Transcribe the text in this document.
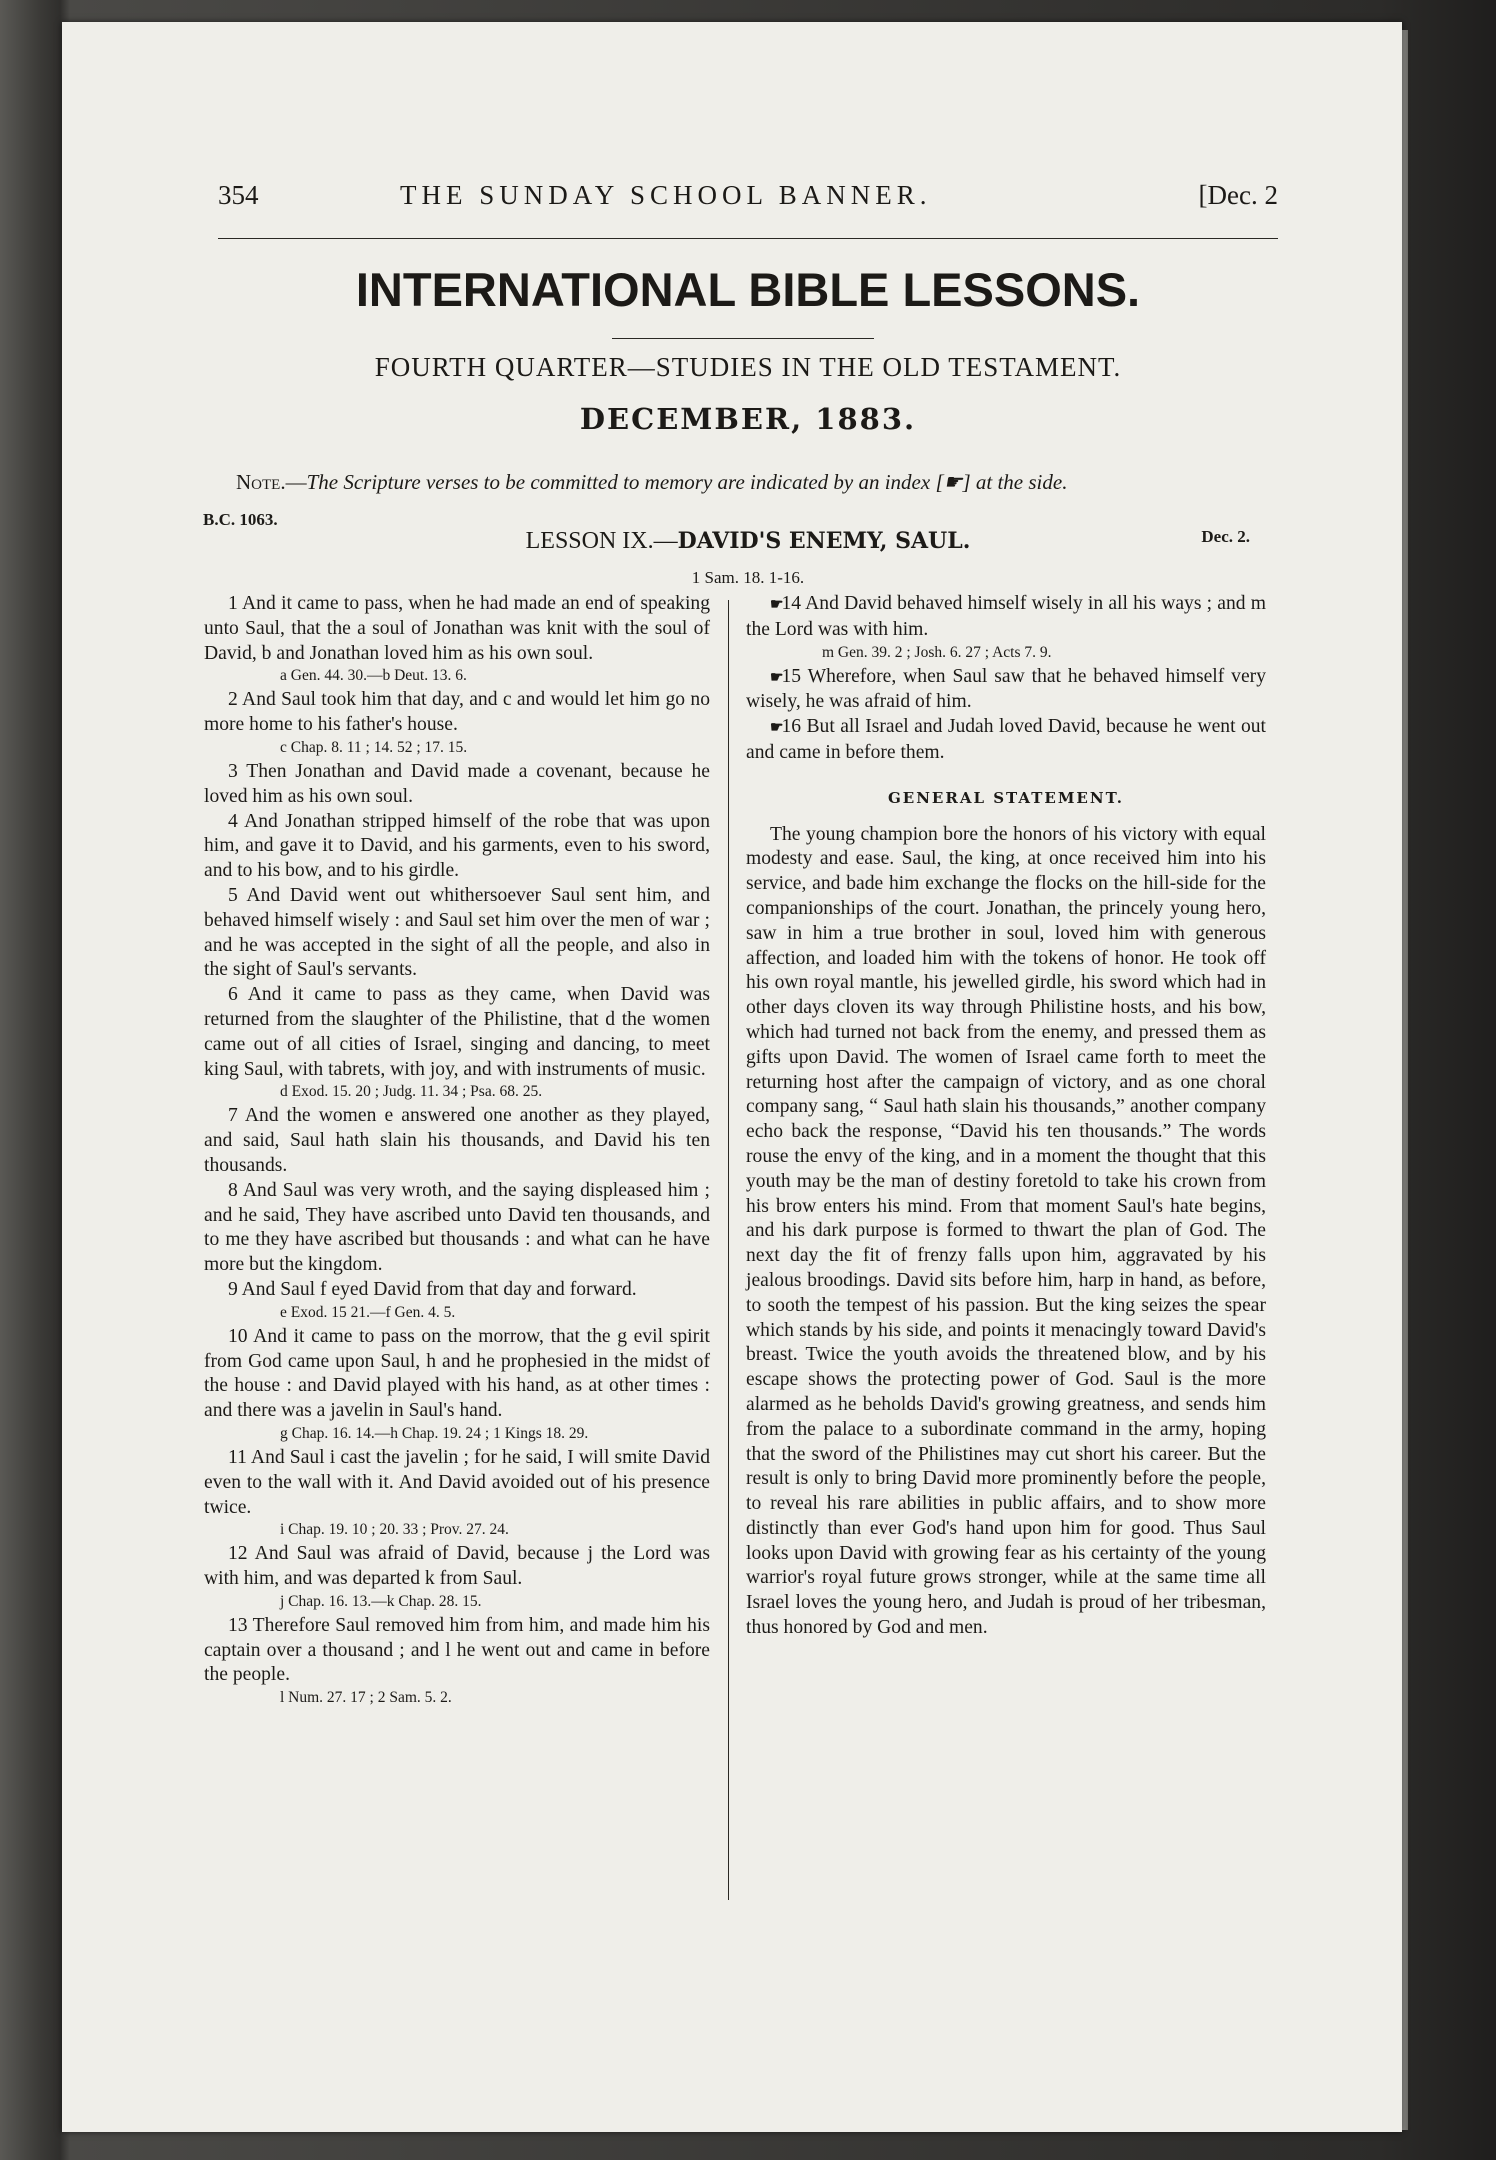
354	THE SUNDAY SCHOOL BANNER.	[Dec. 2
INTERNATIONAL BIBLE LESSONS.
FOURTH QUARTER—STUDIES IN THE OLD TESTAMENT.
DECEMBER, 1883.
Note.—The Scripture verses to be committed to memory are indicated by an index [☛] at the side.
B.C. 1063.
LESSON IX.—DAVID'S ENEMY, SAUL.	Dec. 2.
1 Sam. 18. 1-16.

1 And it came to pass, when he had made an end of speaking unto Saul, that the a soul of Jonathan was knit with the soul of David, b and Jonathan loved him as his own soul.

a Gen. 44. 30.—b Deut. 13. 6.

2 And Saul took him that day, and c and would let him go no more home to his father's house.

c Chap. 8. 11 ; 14. 52 ; 17. 15.

3 Then Jonathan and David made a covenant, because he loved him as his own soul.

4 And Jonathan stripped himself of the robe that was upon him, and gave it to David, and his garments, even to his sword, and to his bow, and to his girdle.

5 And David went out whithersoever Saul sent him, and behaved himself wisely : and Saul set him over the men of war ; and he was accepted in the sight of all the people, and also in the sight of Saul's servants.

6 And it came to pass as they came, when David was returned from the slaughter of the Philistine, that d the women came out of all cities of Israel, singing and dancing, to meet king Saul, with tabrets, with joy, and with instruments of music.

d Exod. 15. 20 ; Judg. 11. 34 ; Psa. 68. 25.

7 And the women e answered one another as they played, and said, Saul hath slain his thousands, and David his ten thousands.

8 And Saul was very wroth, and the saying displeased him ; and he said, They have ascribed unto David ten thousands, and to me they have ascribed but thousands : and what can he have more but the kingdom.

9 And Saul f eyed David from that day and forward.

e Exod. 15 21.—f Gen. 4. 5.

10 And it came to pass on the morrow, that the g evil spirit from God came upon Saul, h and he prophesied in the midst of the house : and David played with his hand, as at other times : and there was a javelin in Saul's hand.

g Chap. 16. 14.—h Chap. 19. 24 ; 1 Kings 18. 29.

11 And Saul i cast the javelin ; for he said, I will smite David even to the wall with it. And David avoided out of his presence twice.

i Chap. 19. 10 ; 20. 33 ; Prov. 27. 24.

12 And Saul was afraid of David, because j the Lord was with him, and was departed k from Saul.

j Chap. 16. 13.—k Chap. 28. 15.

13 Therefore Saul removed him from him, and made him his captain over a thousand ; and l he went out and came in before the people.

l Num. 27. 17 ; 2 Sam. 5. 2.

☛14 And David behaved himself wisely in all his ways ; and m the Lord was with him.

m Gen. 39. 2 ; Josh. 6. 27 ; Acts 7. 9.

☛15 Wherefore, when Saul saw that he behaved himself very wisely, he was afraid of him.

☛16 But all Israel and Judah loved David, because he went out and came in before them.

GENERAL STATEMENT.

The young champion bore the honors of his victory with equal modesty and ease. Saul, the king, at once received him into his service, and bade him exchange the flocks on the hill-side for the companionships of the court. Jonathan, the princely young hero, saw in him a true brother in soul, loved him with generous affection, and loaded him with the tokens of honor. He took off his own royal mantle, his jewelled girdle, his sword which had in other days cloven its way through Philistine hosts, and his bow, which had turned not back from the enemy, and pressed them as gifts upon David. The women of Israel came forth to meet the returning host after the campaign of victory, and as one choral company sang, “ Saul hath slain his thousands,” another company echo back the response, “David his ten thousands.” The words rouse the envy of the king, and in a moment the thought that this youth may be the man of destiny foretold to take his crown from his brow enters his mind. From that moment Saul's hate begins, and his dark purpose is formed to thwart the plan of God. The next day the fit of frenzy falls upon him, aggravated by his jealous broodings. David sits before him, harp in hand, as before, to sooth the tempest of his passion. But the king seizes the spear which stands by his side, and points it menacingly toward David's breast. Twice the youth avoids the threatened blow, and by his escape shows the protecting power of God. Saul is the more alarmed as he beholds David's growing greatness, and sends him from the palace to a subordinate command in the army, hoping that the sword of the Philistines may cut short his career. But the result is only to bring David more prominently before the people, to reveal his rare abilities in public affairs, and to show more distinctly than ever God's hand upon him for good. Thus Saul looks upon David with growing fear as his certainty of the young warrior's royal future grows stronger, while at the same time all Israel loves the young hero, and Judah is proud of her tribesman, thus honored by God and men.
